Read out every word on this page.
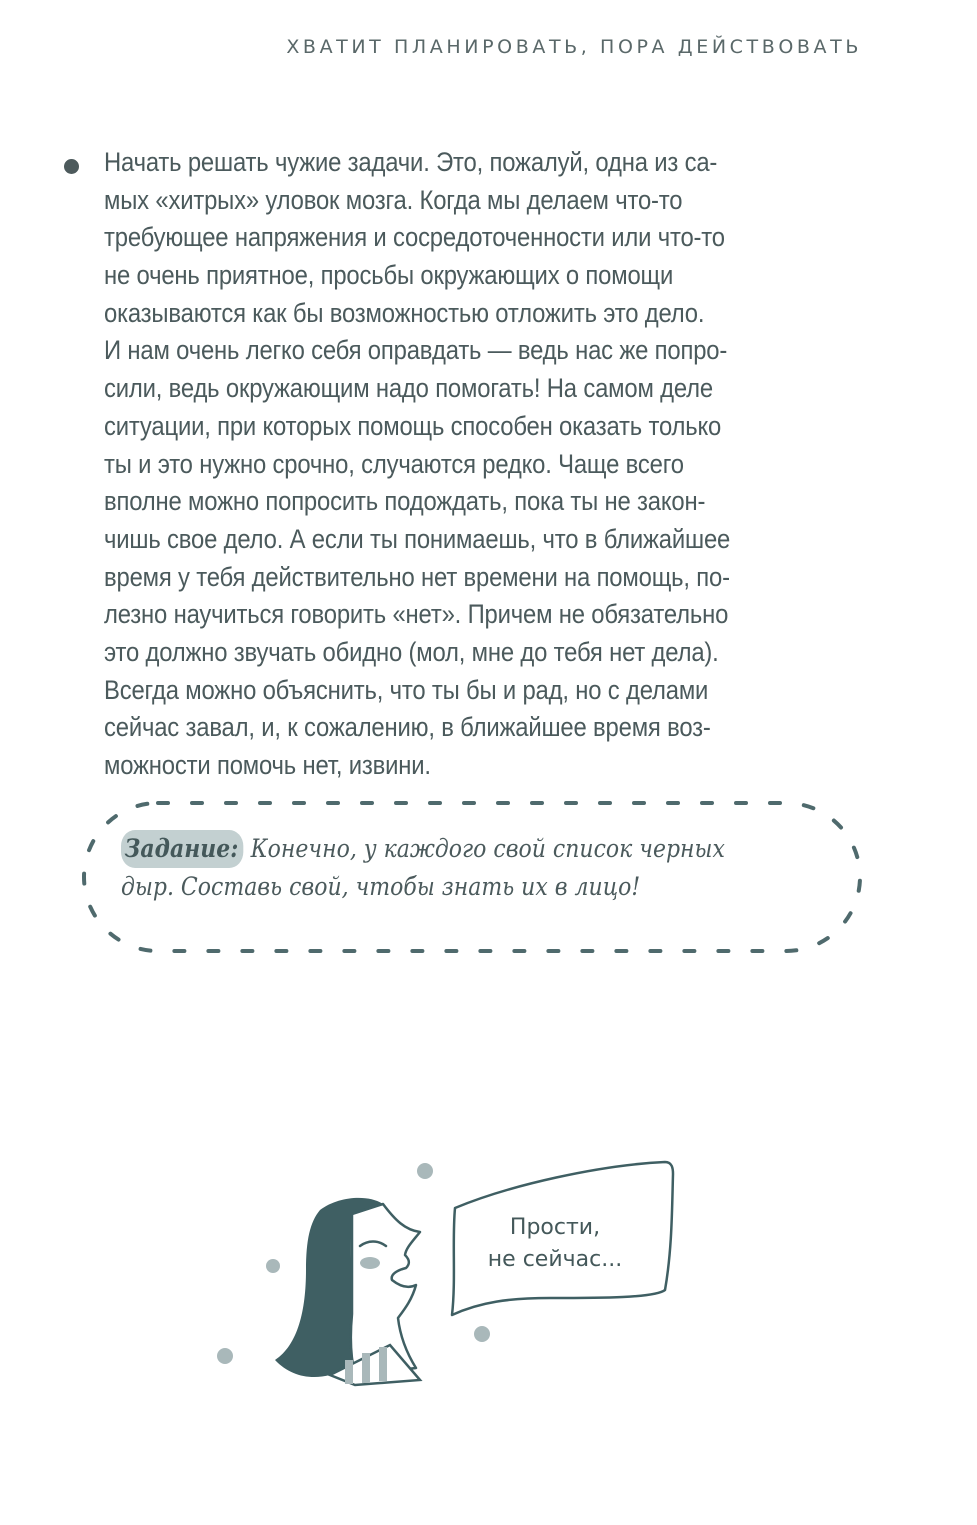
ХВАТИТ ПЛАНИРОВАТЬ, ПОРА ДЕЙСТВОВАТЬ
Начать решать чужие задачи. Это, пожалуй, одна из са-
мых «хитрых» уловок мозга. Когда мы делаем что-то
требующее напряжения и сосредоточенности или что-то
не очень приятное, просьбы окружающих о помощи
оказываются как бы возможностью отложить это дело.
И нам очень легко себя оправдать — ведь нас же попро-
сили, ведь окружающим надо помогать! На самом деле
ситуации, при которых помощь способен оказать только
ты и это нужно срочно, случаются редко. Чаще всего
вполне можно попросить подождать, пока ты не закон-
чишь свое дело. А если ты понимаешь, что в ближайшее
время у тебя действительно нет времени на помощь, по-
лезно научиться говорить «нет». Причем не обязательно
это должно звучать обидно (мол, мне до тебя нет дела).
Всегда можно объяснить, что ты бы и рад, но с делами
сейчас завал, и, к сожалению, в ближайшее время воз-
можности помочь нет, извини.
Задание: Конечно, у каждого свой список черных
дыр. Составь свой, чтобы знать их в лицо!
Прости,
не сейчас...
